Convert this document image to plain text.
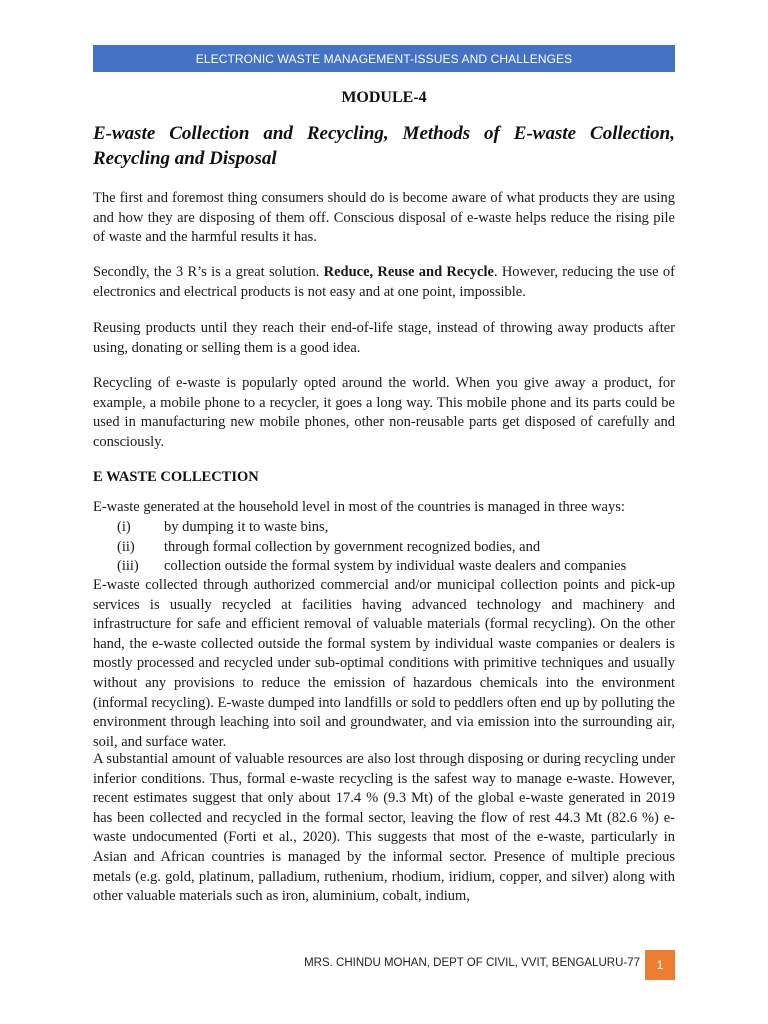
ELECTRONIC WASTE MANAGEMENT-ISSUES AND CHALLENGES
MODULE-4
E-waste Collection and Recycling, Methods of E-waste Collection, Recycling and Disposal

The first and foremost thing consumers should do is become aware of what products they are using and how they are disposing of them off. Conscious disposal of e-waste helps reduce the rising pile of waste and the harmful results it has.

Secondly, the 3 R’s is a great solution. Reduce, Reuse and Recycle. However, reducing the use of electronics and electrical products is not easy and at one point, impossible.

Reusing products until they reach their end-of-life stage, instead of throwing away products after using, donating or selling them is a good idea.

Recycling of e-waste is popularly opted around the world. When you give away a product, for example, a mobile phone to a recycler, it goes a long way. This mobile phone and its parts could be used in manufacturing new mobile phones, other non-reusable parts get disposed of carefully and consciously.

E WASTE COLLECTION

E-waste generated at the household level in most of the countries is managed in three ways:

(i)	by dumping it to waste bins,
(ii)	through formal collection by government recognized bodies, and
(iii)	collection outside the formal system by individual waste dealers and companies

E-waste collected through authorized commercial and/or municipal collection points and pick-up services is usually recycled at facilities having advanced technology and machinery and infrastructure for safe and efficient removal of valuable materials (formal recycling). On the other hand, the e-waste collected outside the formal system by individual waste companies or dealers is mostly processed and recycled under sub-optimal conditions with primitive techniques and usually without any provisions to reduce the emission of hazardous chemicals into the environment (informal recycling). E-waste dumped into landfills or sold to peddlers often end up by polluting the environment through leaching into soil and groundwater, and via emission into the surrounding air, soil, and surface water.

A substantial amount of valuable resources are also lost through disposing or during recycling under inferior conditions. Thus, formal e-waste recycling is the safest way to manage e-waste. However, recent estimates suggest that only about 17.4 % (9.3 Mt) of the global e-waste generated in 2019 has been collected and recycled in the formal sector, leaving the flow of rest 44.3 Mt (82.6 %) e-waste undocumented (Forti et al., 2020). This suggests that most of the e-waste, particularly in Asian and African countries is managed by the informal sector. Presence of multiple precious metals (e.g. gold, platinum, palladium, ruthenium, rhodium, iridium, copper, and silver) along with other valuable materials such as iron, aluminium, cobalt, indium,

MRS. CHINDU MOHAN, DEPT OF CIVIL, VVIT, BENGALURU-77 1
